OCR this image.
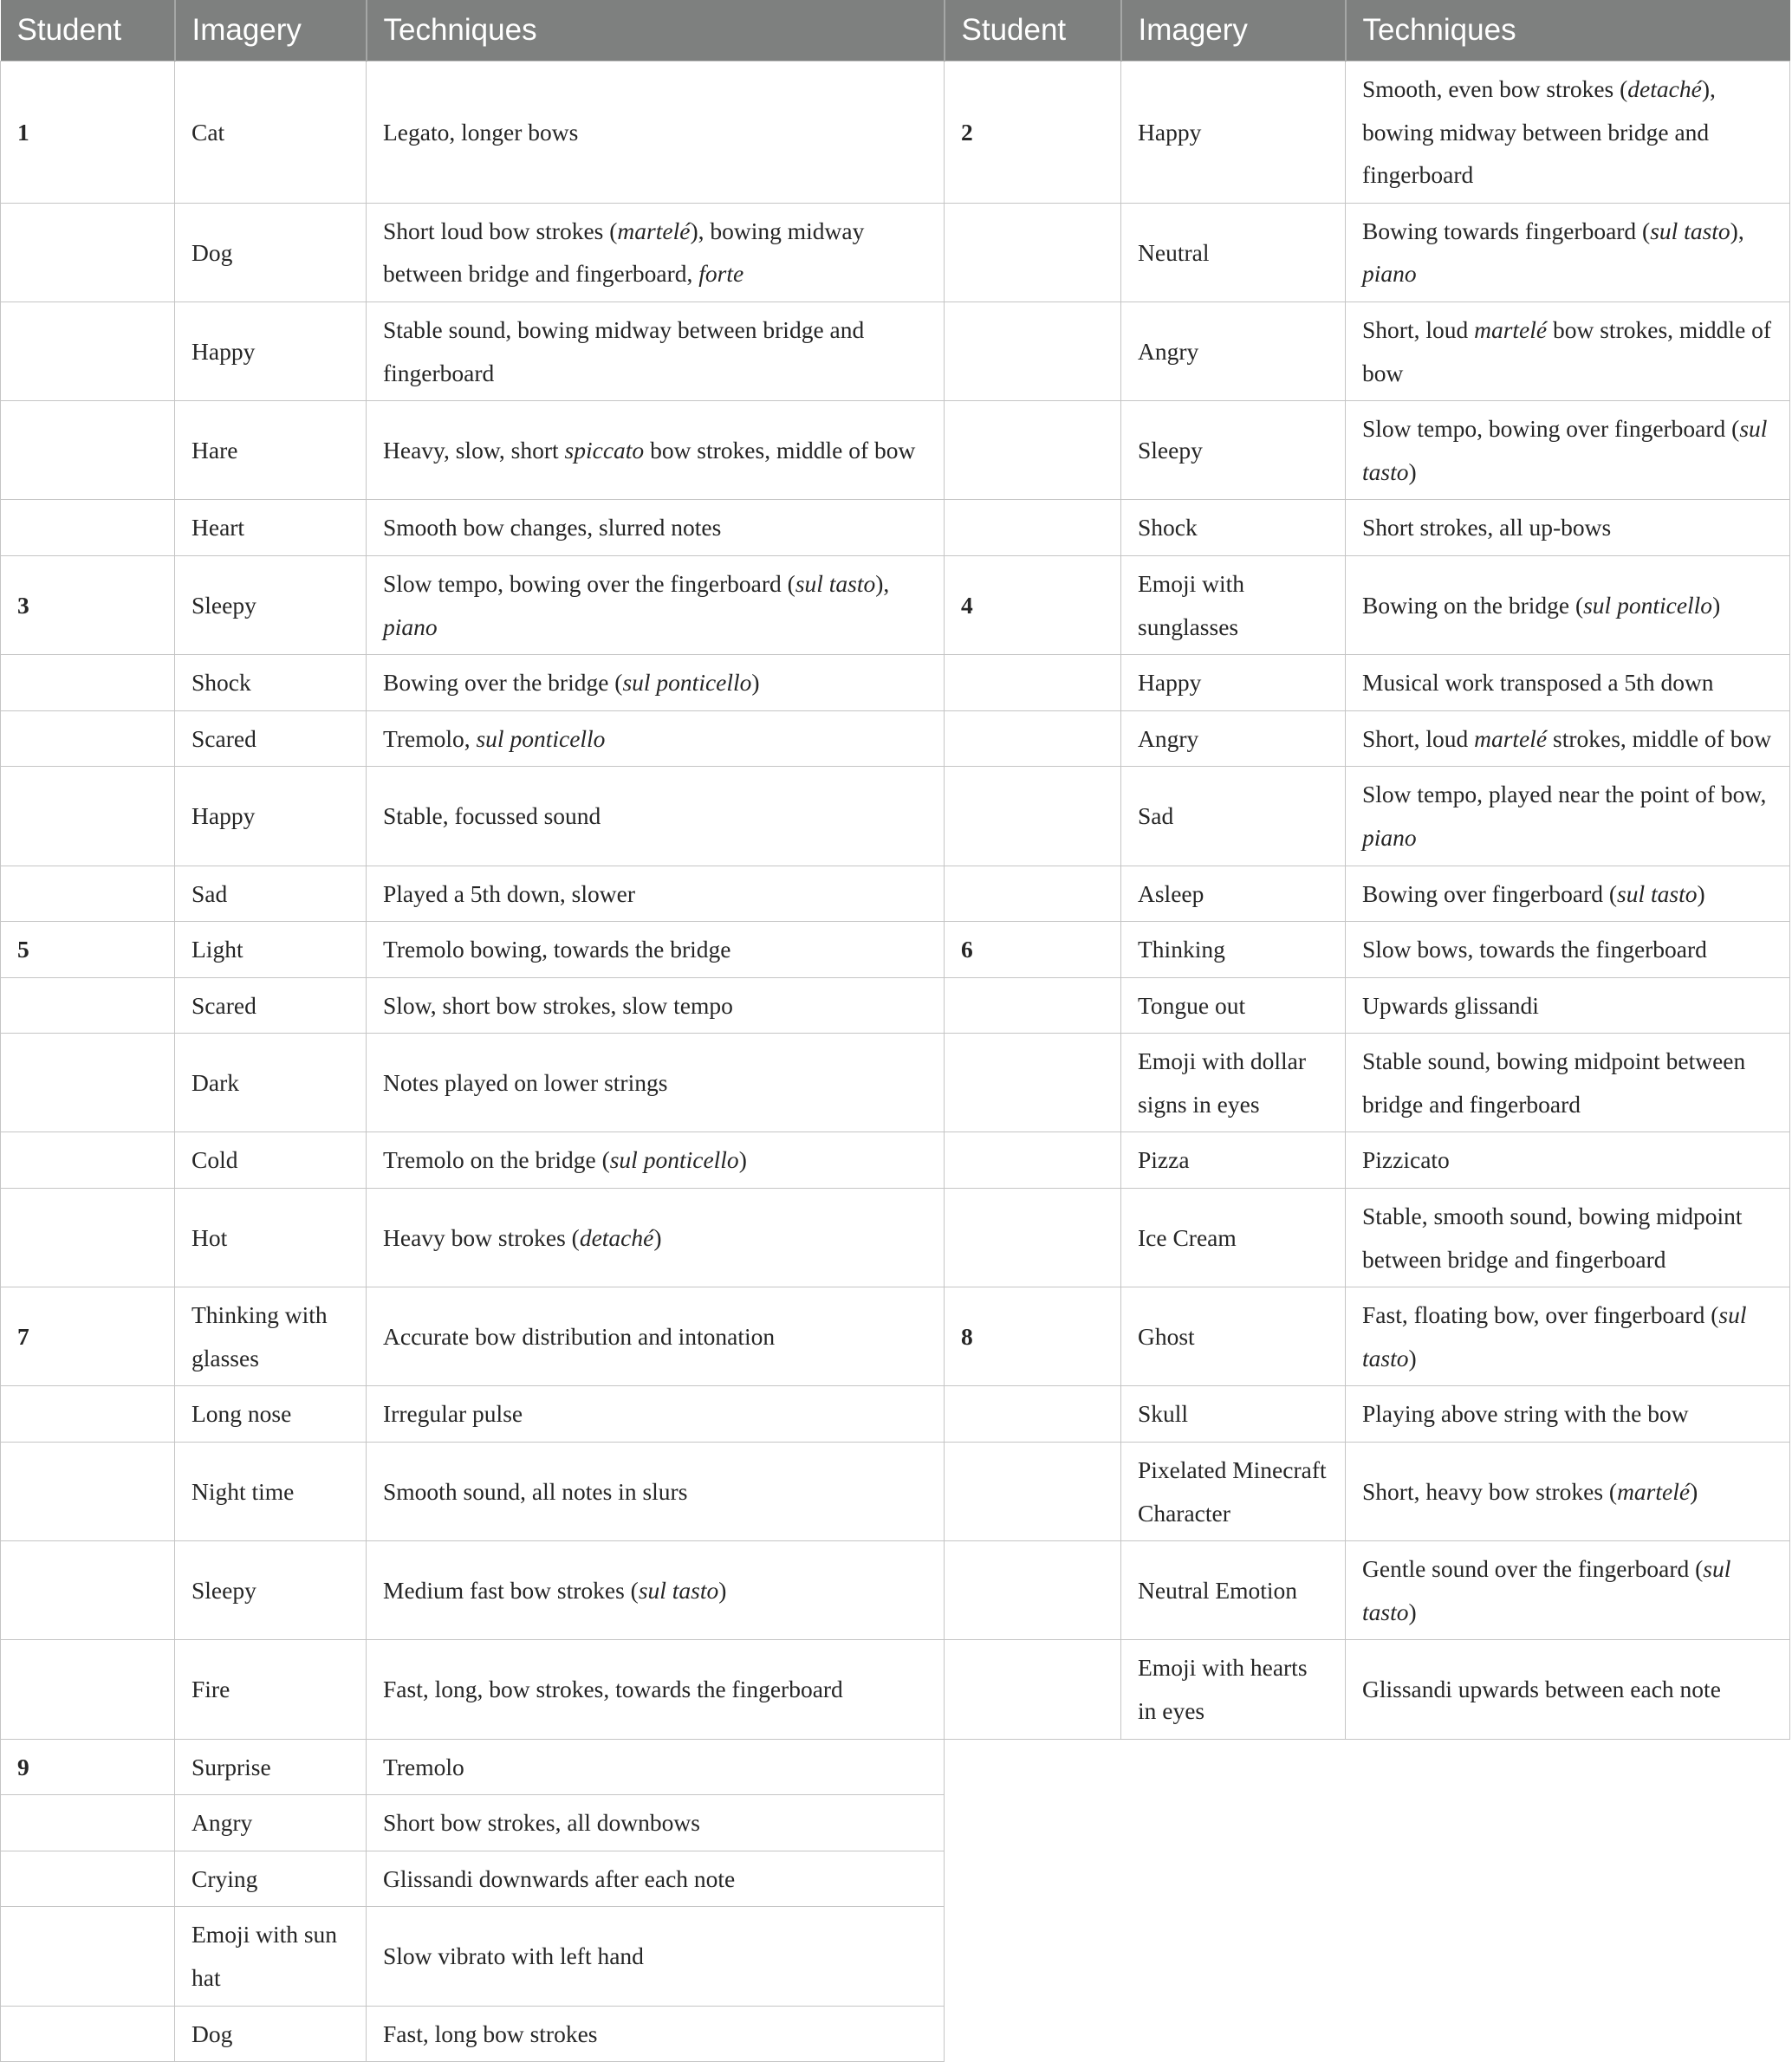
Student	Imagery	Techniques	Student	Imagery	Techniques
1	Cat	Legato, longer bows	2	Happy	Smooth, even bow strokes (detaché), bowing midway between bridge and fingerboard
	Dog	Short loud bow strokes (martelé), bowing midway between bridge and fingerboard, forte		Neutral	Bowing towards fingerboard (sul tasto), piano
	Happy	Stable sound, bowing midway between bridge and fingerboard		Angry	Short, loud martelé bow strokes, middle of bow
	Hare	Heavy, slow, short spiccato bow strokes, middle of bow		Sleepy	Slow tempo, bowing over fingerboard (sul tasto)
	Heart	Smooth bow changes, slurred notes		Shock	Short strokes, all up-bows
3	Sleepy	Slow tempo, bowing over the fingerboard (sul tasto), piano	4	Emoji with sunglasses	Bowing on the bridge (sul ponticello)
	Shock	Bowing over the bridge (sul ponticello)		Happy	Musical work transposed a 5th down
	Scared	Tremolo, sul ponticello		Angry	Short, loud martelé strokes, middle of bow
	Happy	Stable, focussed sound		Sad	Slow tempo, played near the point of bow, piano
	Sad	Played a 5th down, slower		Asleep	Bowing over fingerboard (sul tasto)
5	Light	Tremolo bowing, towards the bridge	6	Thinking	Slow bows, towards the fingerboard
	Scared	Slow, short bow strokes, slow tempo		Tongue out	Upwards glissandi
	Dark	Notes played on lower strings		Emoji with dollar signs in eyes	Stable sound, bowing midpoint between bridge and fingerboard
	Cold	Tremolo on the bridge (sul ponticello)		Pizza	Pizzicato
	Hot	Heavy bow strokes (detaché)		Ice Cream	Stable, smooth sound, bowing midpoint between bridge and fingerboard
7	Thinking with glasses	Accurate bow distribution and intonation	8	Ghost	Fast, floating bow, over fingerboard (sul tasto)
	Long nose	Irregular pulse		Skull	Playing above string with the bow
	Night time	Smooth sound, all notes in slurs		Pixelated Minecraft Character	Short, heavy bow strokes (martelé)
	Sleepy	Medium fast bow strokes (sul tasto)		Neutral Emotion	Gentle sound over the fingerboard (sul tasto)
	Fire	Fast, long, bow strokes, towards the fingerboard		Emoji with hearts in eyes	Glissandi upwards between each note
9	Surprise	Tremolo			
	Angry	Short bow strokes, all downbows			
	Crying	Glissandi downwards after each note			
	Emoji with sun hat	Slow vibrato with left hand			
	Dog	Fast, long bow strokes			
